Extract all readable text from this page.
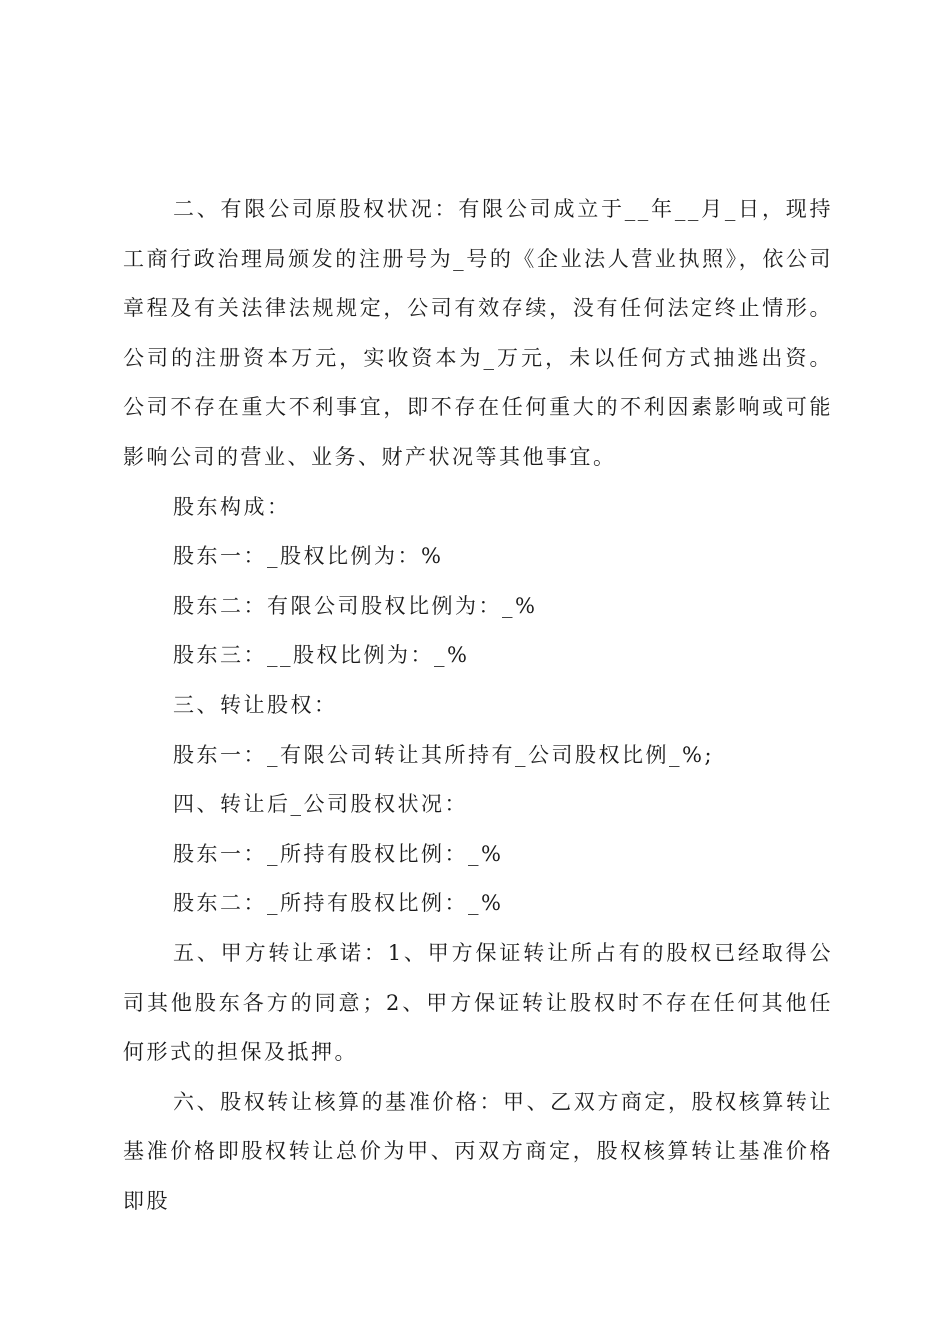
二、有限公司原股权状况：有限公司成立于__年__月_日，现持工商行政治理局颁发的注册号为_号的《企业法人营业执照》，依公司章程及有关法律法规规定，公司有效存续，没有任何法定终止情形。公司的注册资本万元，实收资本为_万元，未以任何方式抽逃出资。公司不存在重大不利事宜，即不存在任何重大的不利因素影响或可能影响公司的营业、业务、财产状况等其他事宜。

股东构成：

股东一：_股权比例为：%

股东二：有限公司股权比例为：_%

股东三：__股权比例为：_%

三、转让股权：

股东一：_有限公司转让其所持有_公司股权比例_%;

四、转让后_公司股权状况：

股东一：_所持有股权比例：_%

股东二：_所持有股权比例：_%

五、甲方转让承诺：1、甲方保证转让所占有的股权已经取得公司其他股东各方的同意；2、甲方保证转让股权时不存在任何其他任何形式的担保及抵押。

六、股权转让核算的基准价格：甲、乙双方商定，股权核算转让基准价格即股权转让总价为甲、丙双方商定，股权核算转让基准价格即股
